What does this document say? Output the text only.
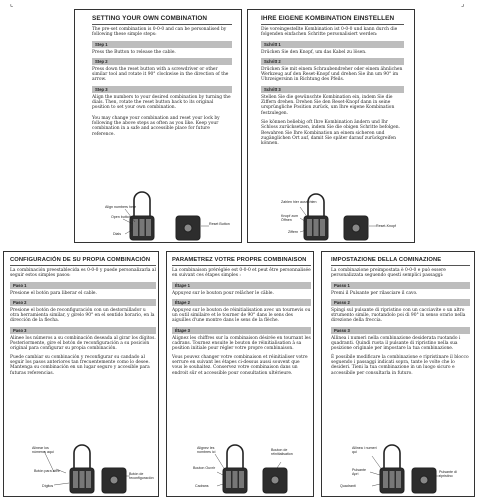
⌞	⌟
SETTING YOUR OWN COMBINATION
The pre-set combination is 0-0-0 and can be personalised by following these simple steps:
Step 1
Press the Button to release the cable.
Step 2
Press down the reset button with a screwdriver or other similar tool and rotate it 90° clockwise in the direction of the arrow.
Step 3
Align the numbers to your desired combination by turning the dials. Then, rotate the reset button back to its original position to set your own combination.
You may change your combination and reset your lock by following the above steps as often as you like. Keep your combination in a safe and accessible place for future reference.
Align numbers here
Open button
Dials
Reset Button
IHRE EIGENE KOMBINATION EINSTELLEN
Die voreingestellte Kombination ist 0-0-0 und kann durch die folgenden einfachen Schritte personalisiert werden:
Schritt 1
Drücken Sie den Knopf, um das Kabel zu lösen.
Schritt 2
Drücken Sie mit einem Schraubendreher oder einem ähnlichen Werkzeug auf den Reset-Knopf und drehen Sie ihn um 90° im Uhrzeigersinn in Richtung des Pfeils.
Schritt 3
Stellen Sie die gewünschte Kombination ein, indem Sie die Ziffern drehen. Drehen Sie den Reset-Knopf dann in seine ursprüngliche Position zurück, um Ihre eigene Kombination festzulegen.
Sie können beliebig oft Ihre Kombination ändern und Ihr Schloss zurücksetzen, indem Sie die obigen Schritte befolgen. Bewahren Sie Ihre Kombination an einem sicheren und zugänglichen Ort auf, damit Sie später darauf zurückgreifen können.
Zahlen hier ausrichten
Knopf zum Öffnen
Ziffern
Reset-Knopf
CONFIGURACIÓN DE SU PROPIA COMBINACIÓN
La combinación preestablecida es 0-0-0 y puede personalizarla al seguir estos simples pasos:
Paso 1
Presione el botón para liberar el cable.
Paso 2
Presione el botón de reconfiguración con un destornillador u otra herramienta similar, y gírelo 90° en el sentido horario, en la dirección de la flecha.
Paso 3
Alinee los números a su combinación deseada al girar los dígitos. Posteriormente, gire el botón de reconfiguración a su posición original para configurar su propia combinación.
Puede cambiar su combinación y reconfigurar su candado al seguir los pasos anteriores tan frecuentemente como lo desee. Mantenga su combinación en un lugar seguro y accesible para futuras referencias.
Alinear los números aquí
Botón para abrir
Dígitos
Botón de reconfiguración
PARAMETREZ VOTRE PROPRE COMBINAISON
La combinaison préréglée est 0-0-0 et peut être personnalisée en suivant ces étapes simples :
Étape 1
Appuyez sur le bouton pour relâcher le câble.
Étape 2
Appuyez sur le bouton de réinitialisation avec un tournevis ou un outil similaire et le tourner de 90° dans le sens des aiguilles d'une montre dans le sens de la flèche.
Étape 3
Alignez les chiffres sur la combinaison désirée en tournant les cadrans. Tournez ensuite le bouton de réinitialisation à sa position initiale pour régler votre propre combinaison.
Vous pouvez changer votre combinaison et réinitialiser votre serrure en suivant les étapes ci-dessus aussi souvent que vous le souhaitez. Conservez votre combinaison dans un endroit sûr et accessible pour consultation ultérieure.
Alignez les nombres ici
Bouton Ouvrir
Cadrans
Bouton de réinitialisation
IMPOSTAZIONE DELLA COMINAZIONE
La combinazione preimpostata è 0-0-0 e può essere personalizzata seguendo questi semplici passaggi:
Passo 1
Premi il Pulsante per rilasciare il cavo.
Passo 2
Spingi sul pulsante di ripristino con un cacciavite o un altro strumento simile, ruotandolo poi di 90° in senso orario nella direzione della freccia.
Passo 3
Allinea i numeri nella combinazione desiderata ruotando i quadranti. Quindi ruota il pulsante di ripristino nella sua posizione originale per impostare la tua combinazione.
È possibile modificare la combinazione e ripristinare il blocco seguendo i passaggi indicati sopra, tante le volte che lo desideri. Tieni la tua combinazione in un luogo sicuro e accessibile per consultarla in futuro.
Allinea i numeri qui
Pulsante Apri
Quadranti
Pulsante di ripristino
